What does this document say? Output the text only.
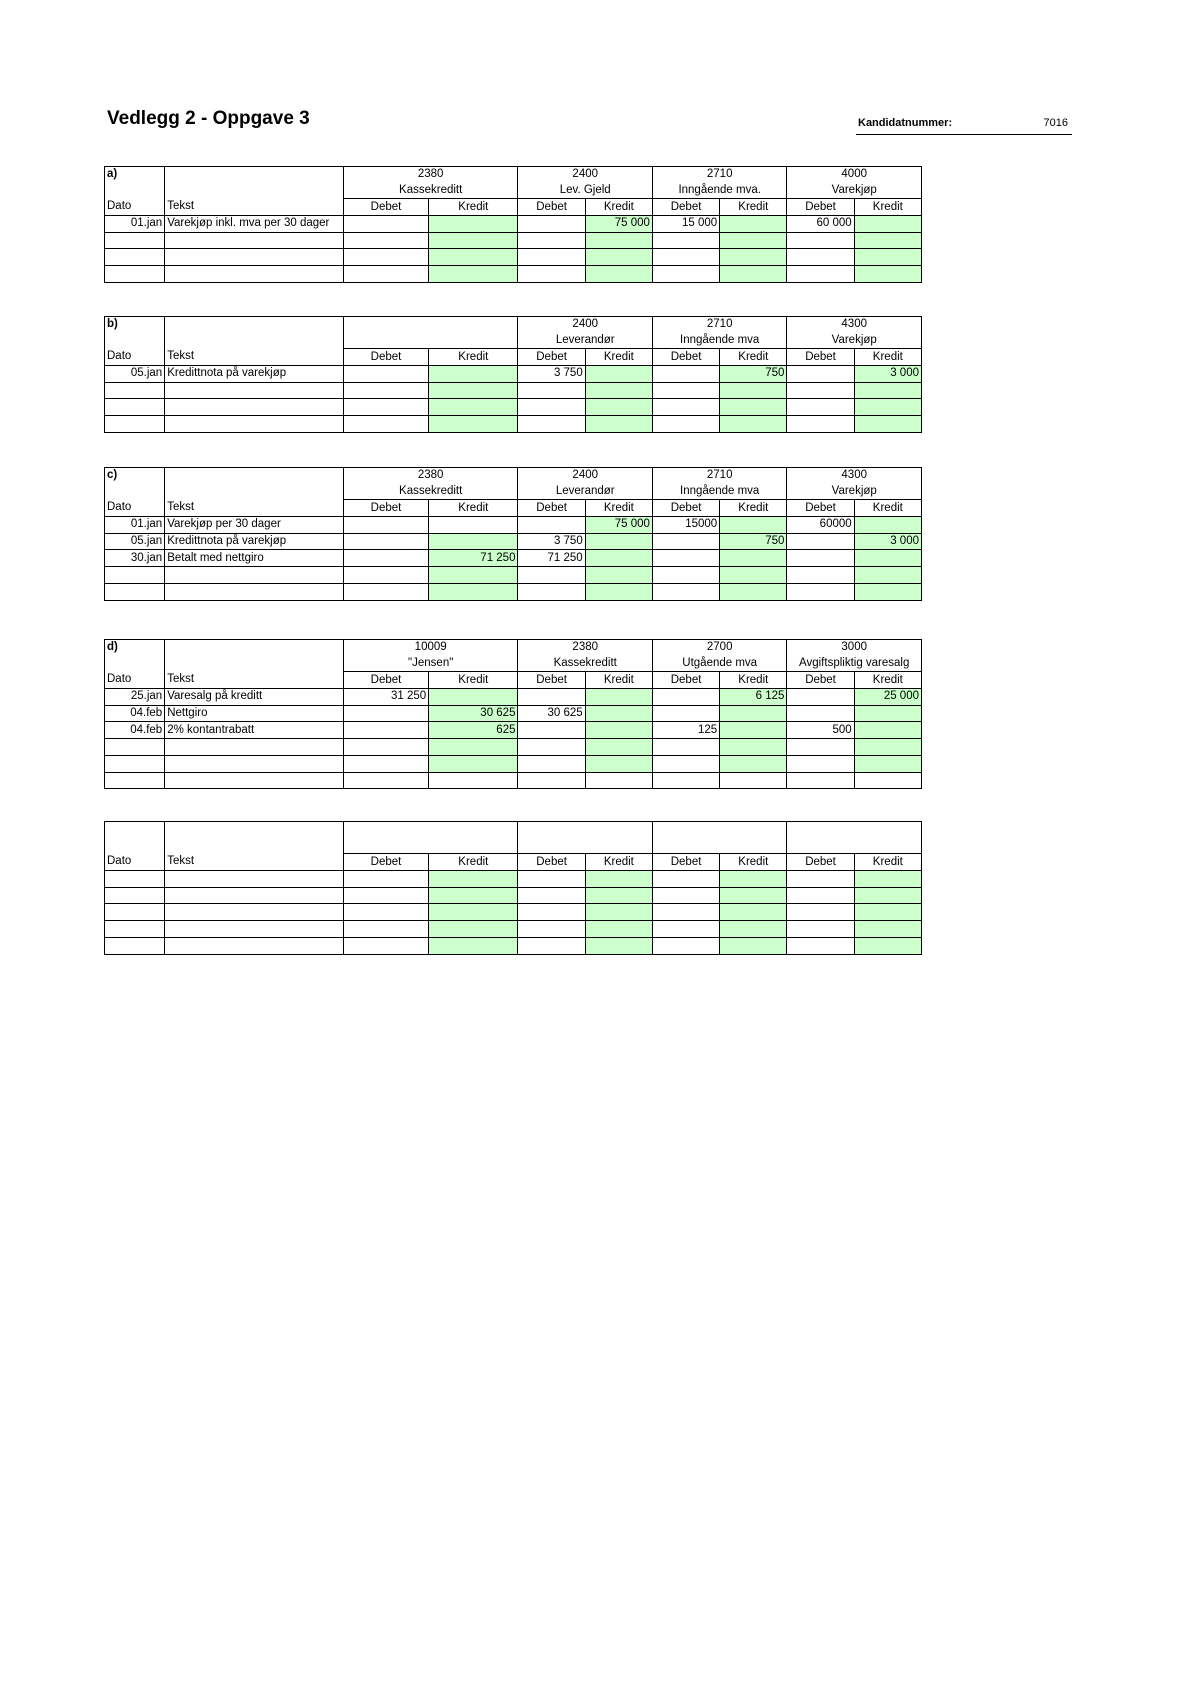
Vedlegg 2 - Oppgave 3	Kandidatnummer:	7016
a)		2380		2400		2710		4000	
		Kassekreditt		Lev. Gjeld		Inngående mva.		Varekjøp	
Dato	Tekst	Debet	Kredit	Debet	Kredit	Debet	Kredit	Debet	Kredit
01.jan	Varekjøp inkl. mva per 30 dager				75 000	15 000		60 000	

b)				2400		2710		4300	
				Leverandør		Inngående mva		Varekjøp	
Dato	Tekst	Debet	Kredit	Debet	Kredit	Debet	Kredit	Debet	Kredit
05.jan	Kredittnota på varekjøp			3 750			750		3 000

c)		2380		2400		2710		4300	
		Kassekreditt		Leverandør		Inngående mva		Varekjøp	
Dato	Tekst	Debet	Kredit	Debet	Kredit	Debet	Kredit	Debet	Kredit
01.jan	Varekjøp per 30 dager				75 000	15000		60000	
05.jan	Kredittnota på varekjøp			3 750			750		3 000
30.jan	Betalt med nettgiro		71 250	71 250					

d)		10009		2380		2700		3000	
		"Jensen"		Kassekreditt		Utgående mva		Avgiftspliktig varesalg	
Dato	Tekst	Debet	Kredit	Debet	Kredit	Debet	Kredit	Debet	Kredit
25.jan	Varesalg på kreditt	31 250					6 125		25 000
04.feb	Nettgiro		30 625	30 625					
04.feb	2% kontantrabatt		625			125		500	

Dato	Tekst	Debet	Kredit	Debet	Kredit	Debet	Kredit	Debet	Kredit
